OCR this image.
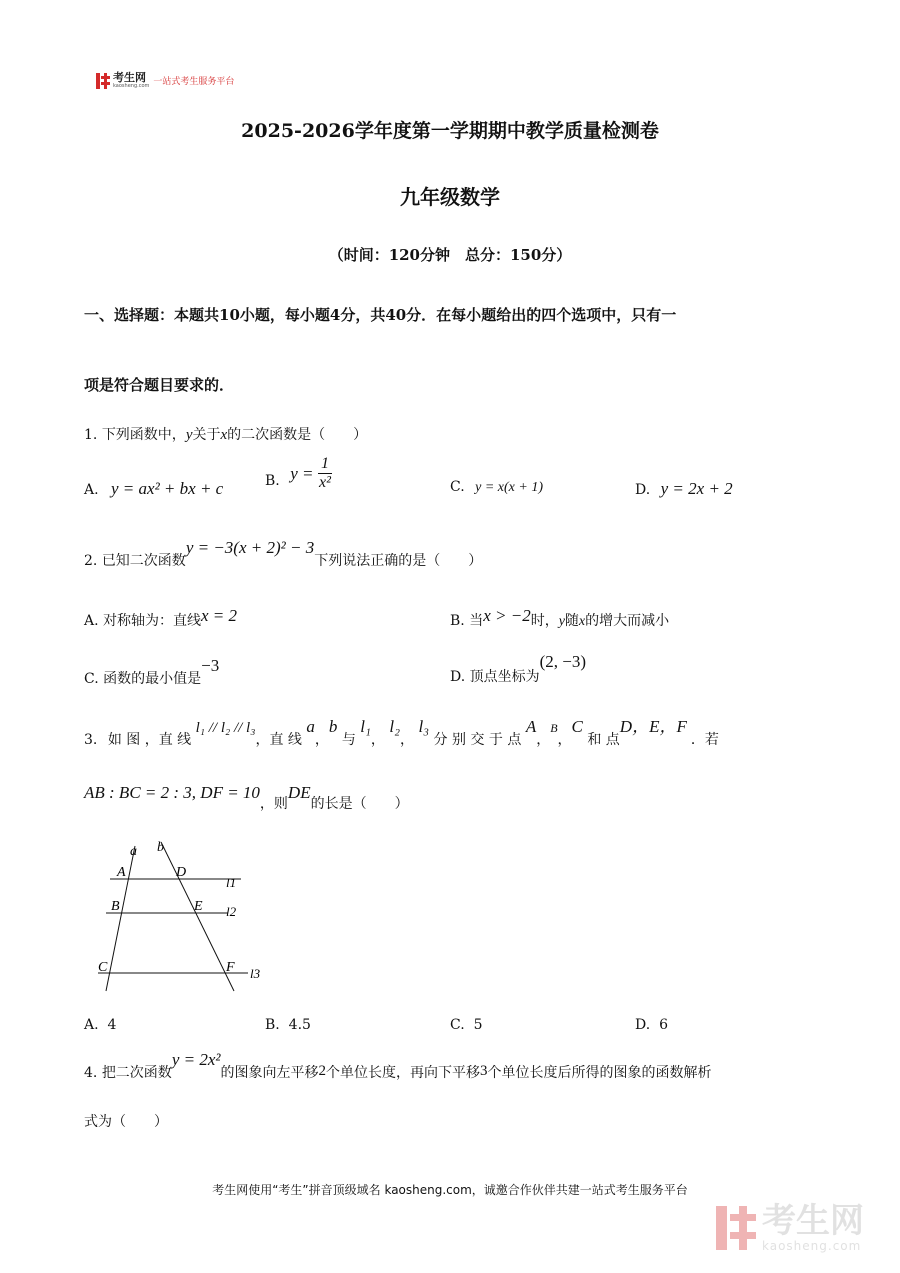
考生网
kaosheng.com 一站式考生服务平台
2025-2026学年度第一学期期中教学质量检测卷
九年级数学
（时间：120分钟　总分：150分）
一、选择题：本题共10小题，每小题4分，共40分．在每小题给出的四个选项中，只有一
项是符合题目要求的．
1. 下列函数中，y关于x的二次函数是（　　）
A. y = ax² + bx + c	B. $y = \frac{1}{\text{x²}}$	C. y = x(x + 1)	D. y = 2x + 2
2. 已知二次函数y = −3(x + 2)² − 3下列说法正确的是（　　）
A. 对称轴为：直线x = 2	B. 当x > −2时，y随x的增大而减小
C. 函数的最小值是−3
D. 顶点坐标为(2, −3)
3. 如 图 ，直 线 l₁ // l₂ // l₃，直 线 a，b 与 l₁， l₂， l₃ 分 别 交 于 点 A，B，C 和 点D，E，F．若
AB : BC = 2 : 3, DF = 10，则DE的长是（　　）
a b
A	D
l1
B	E l2
C	F l3
A. 4	B. 4.5	C. 5	D. 6
4. 把二次函数y = 2x²的图象向左平移2个单位长度，再向下平移3个单位长度后所得的图象的函数解析
式为（　　）
考生网使用“考生”拼音顶级域名 kaosheng.com，诚邀合作伙伴共建一站式考生服务平台
考生网
kaosheng.com
